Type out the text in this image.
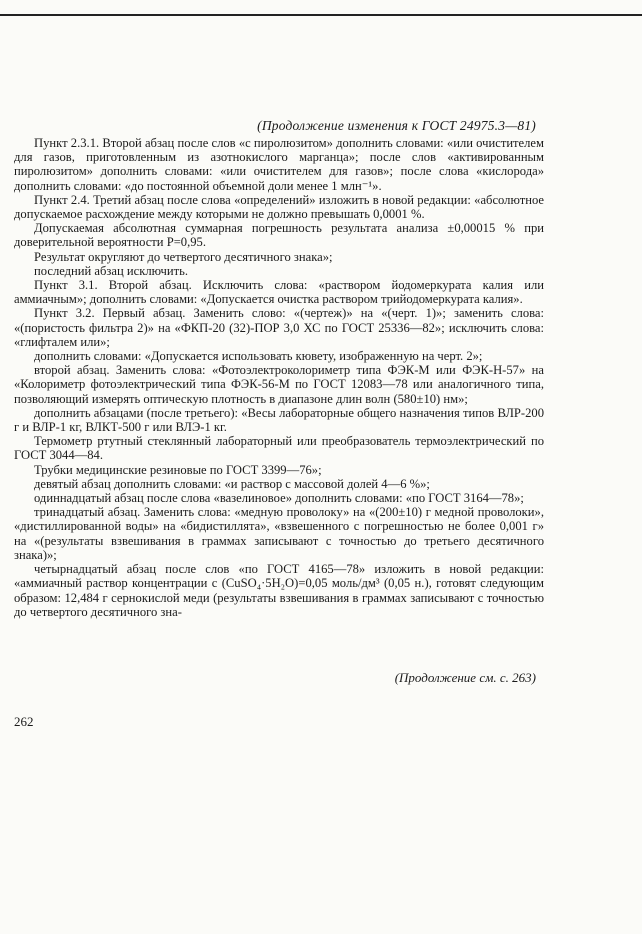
(Продолжение изменения к ГОСТ 24975.3—81)

Пункт 2.3.1. Второй абзац после слов «с пиролюзитом» дополнить словами: «или очистителем для газов, приготовленным из азотнокислого марганца»; после слов «активированным пиролюзитом» дополнить словами: «или очистителем для газов»; после слова «кислорода» дополнить словами: «до постоянной объемной доли менее 1 млн⁻¹».

Пункт 2.4. Третий абзац после слова «определений» изложить в новой редакции: «абсолютное допускаемое расхождение между которыми не должно превышать 0,0001 %.

Допускаемая абсолютная суммарная погрешность результата анализа ±0,00015 % при доверительной вероятности P=0,95.

Результат округляют до четвертого десятичного знака»;

последний абзац исключить.

Пункт 3.1. Второй абзац. Исключить слова: «раствором йодомеркурата калия или аммиачным»; дополнить словами: «Допускается очистка раствором трийодомеркурата калия».

Пункт 3.2. Первый абзац. Заменить слово: «(чертеж)» на «(черт. 1)»; заменить слова: «(пористость фильтра 2)» на «ФКП-20 (32)-ПОР 3,0 ХС по ГОСТ 25336—82»; исключить слова: «глифталем или»;

дополнить словами: «Допускается использовать кювету, изображенную на черт. 2»;

второй абзац. Заменить слова: «Фотоэлектроколориметр типа ФЭК-М или ФЭК-Н-57» на «Колориметр фотоэлектрический типа ФЭК-56-М по ГОСТ 12083—78 или аналогичного типа, позволяющий измерять оптическую плотность в диапазоне длин волн (580±10) нм»;

дополнить абзацами (после третьего): «Весы лабораторные общего назначения типов ВЛР-200 г и ВЛР-1 кг, ВЛКТ-500 г или ВЛЭ-1 кг.

Термометр ртутный стеклянный лабораторный или преобразователь термоэлектрический по ГОСТ 3044—84.

Трубки медицинские резиновые по ГОСТ 3399—76»;

девятый абзац дополнить словами: «и раствор с массовой долей 4—6 %»;

одиннадцатый абзац после слова «вазелиновое» дополнить словами: «по ГОСТ 3164—78»;

тринадцатый абзац. Заменить слова: «медную проволоку» на «(200±10) г медной проволоки», «дистиллированной воды» на «бидистиллята», «взвешенного с погрешностью не более 0,001 г» на «(результаты взвешивания в граммах записывают с точностью до третьего десятичного знака)»;

четырнадцатый абзац после слов «по ГОСТ 4165—78» изложить в новой редакции: «аммиачный раствор концентрации c (CuSO₄·5H₂O)=0,05 моль/дм³ (0,05 н.), готовят следующим образом: 12,484 г сернокислой меди (результаты взвешивания в граммах записывают с точностью до четвертого десятичного зна-

(Продолжение см. с. 263)
262
